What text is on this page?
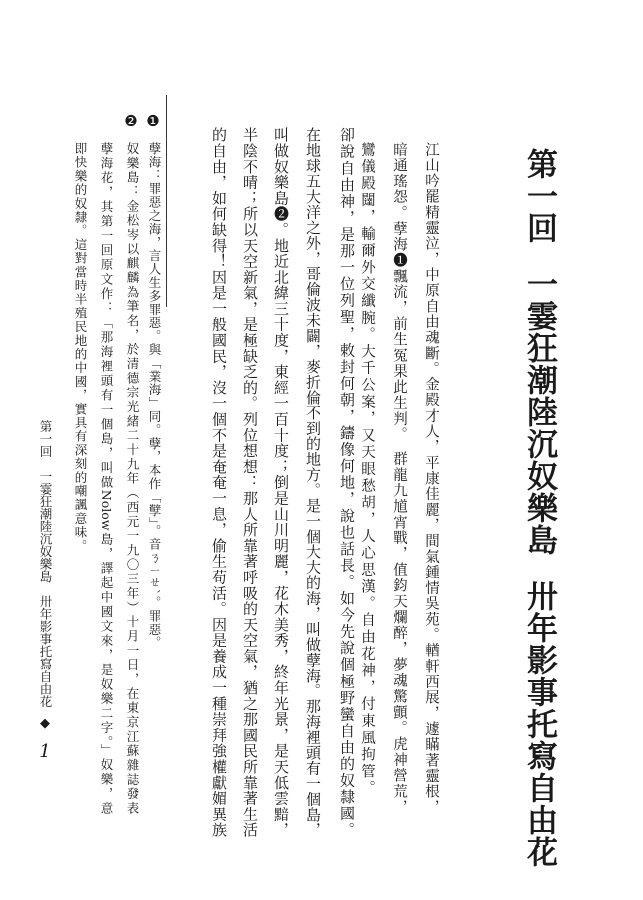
第一回一霎狂潮陸沉奴樂島卅年影事托寫自由花
江山吟罷精靈泣，中原自由魂斷。金殿才人，平康佳麗，間氣鍾情吳苑。輶軒西展，遽瞞著靈根，
暗通瑤怨。孽海❶飄流，前生冤果此生判。　群龍九馗宵戰，值鈞天爛醉，夢魂驚顫。虎神營荒，
鸞儀殿闥，輸爾外交纖腕。大千公案，又天眼愁胡，人心思漢。自由花神，付東風拘管。
卻說自由神，是那一位列聖，敕封何朝，鑄像何地，說也話長。如今先說個極野蠻自由的奴隸國。
在地球五大洋之外，哥倫波未闢，麥折倫不到的地方。是一個大大的海，叫做孽海。那海裡頭有一個島，
叫做奴樂島❷。地近北緯三十度，東經一百十度；倒是山川明麗，花木美秀，終年光景，是天低雲黯，
半陰不晴；所以天空新氣，是極缺乏的。列位想想：那人所靠著呼吸的天空氣，猶之那國民所靠著生活
的自由，如何缺得！因是一般國民，沒一個不是奄奄一息，偷生苟活。因是養成一種崇拜強權獻媚異族
❶
❷
孽海：罪惡之海，言人生多罪惡。與「業海」同。孽，本作「孼」。音ㄋㄧㄝˋ。罪惡。
奴樂島：金松岑以麒麟為筆名，於清德宗光緒二十九年（西元一九〇三年）十月一日，在東京江蘇雜誌發表
孽海花，其第一回原文作：「那海裡頭有一個島，叫做Nolow島，譯起中國文來，是奴樂二字。」奴樂，意
即快樂的奴隸。這對當時半殖民地的中國，實具有深刻的嘲諷意味。
第一回　一霎狂潮陸沉奴樂島　卅年影事托寫自由花
◆
1
